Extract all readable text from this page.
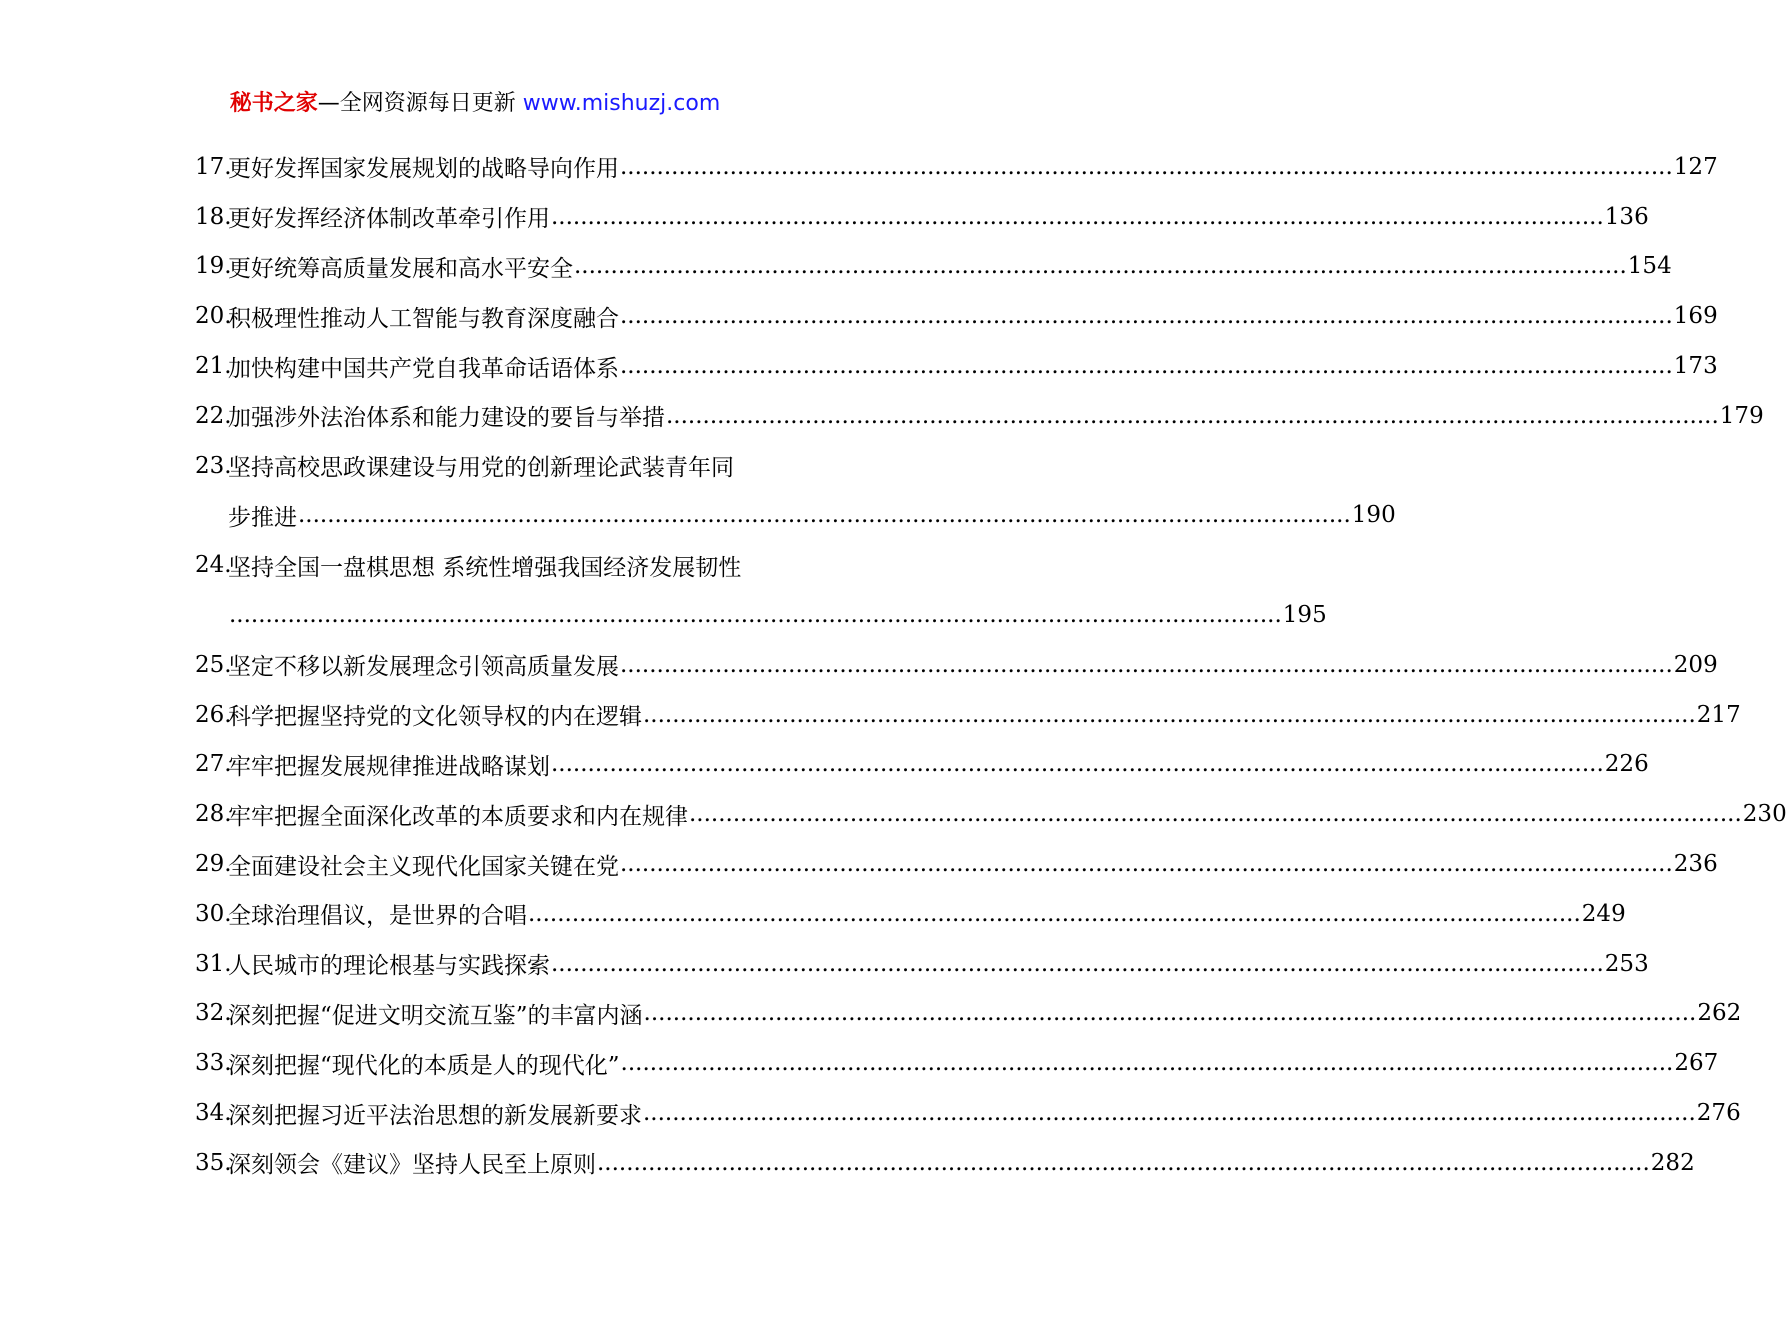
秘书之家—全网资源每日更新 www.mishuzj.com
17.
更好发挥国家发展规划的战略导向作用 .....	127
18.
更好发挥经济体制改革牵引作用 .....	136
19.
更好统筹高质量发展和高水平安全 .....	154
20.
积极理性推动人工智能与教育深度融合 .....	169
21.
加快构建中国共产党自我革命话语体系 .....	173
22.
加强涉外法治体系和能力建设的要旨与举措 .....	179
23.
坚持高校思政课建设与用党的创新理论武装青年同
步推进 .....	190
24.
坚持全国一盘棋思想 系统性增强我国经济发展韧性
.....
195
25.
坚定不移以新发展理念引领高质量发展 .....	209
26.
科学把握坚持党的文化领导权的内在逻辑 .....	217
27.
牢牢把握发展规律推进战略谋划 .....	226
28.
牢牢把握全面深化改革的本质要求和内在规律 .....	230
29.
全面建设社会主义现代化国家关键在党 .....	236
30.
全球治理倡议，是世界的合唱 .....	249
31.
人民城市的理论根基与实践探索 .....	253
32.
深刻把握“促进文明交流互鉴”的丰富内涵 .....	262
33.
深刻把握“现代化的本质是人的现代化” .....	267
34.
深刻把握习近平法治思想的新发展新要求 .....	276
35.
深刻领会《建议》坚持人民至上原则 .....	282
